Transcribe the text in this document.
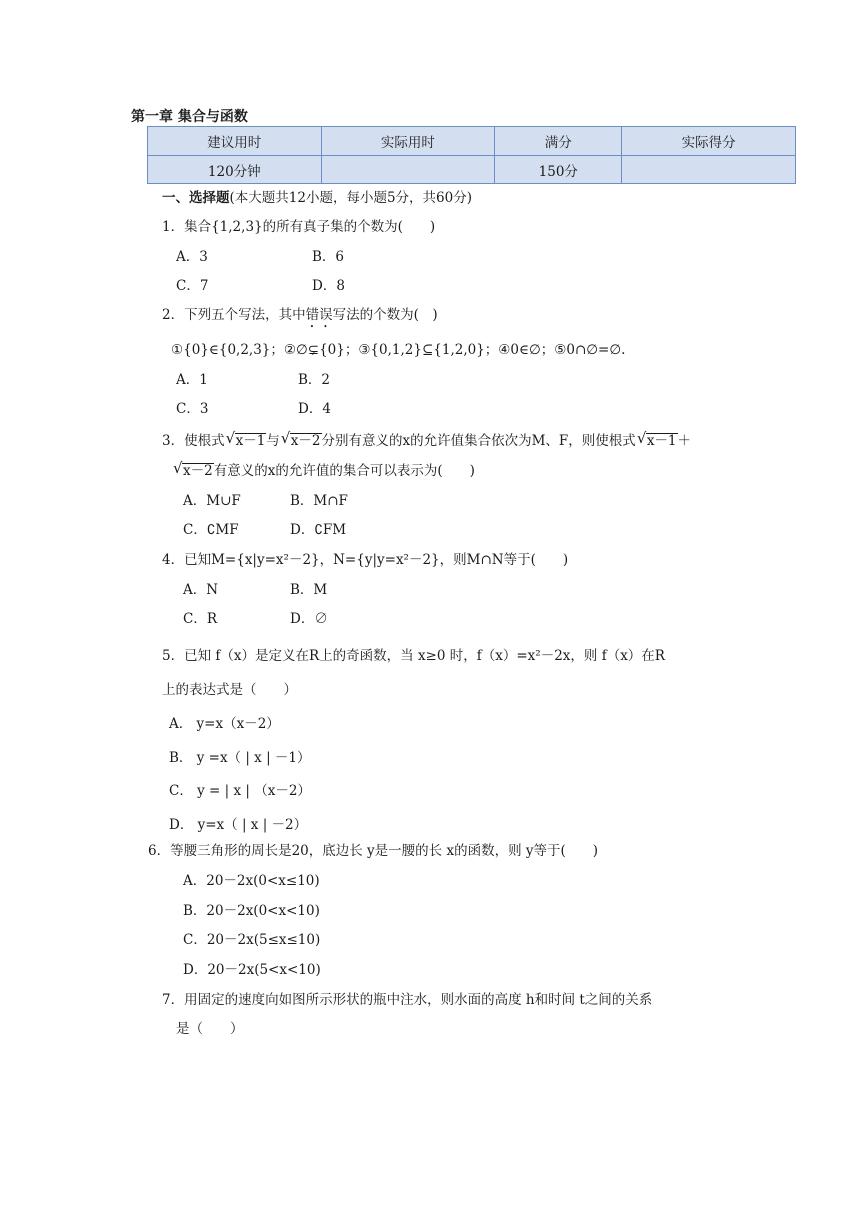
第一章 集合与函数
建议用时	实际用时	满分	实际得分
120分钟		150分	
一、选择题(本大题共12小题，每小题5分，共60分)
1．集合{1,2,3}的所有真子集的个数为(　　)
A．3	B．6
C．7	D．8
2．下列五个写法，其中错误写法的个数为(　)
①{0}∈{0,2,3}；②∅⊊{0}；③{0,1,2}⊆{1,2,0}；④0∈∅；⑤0∩∅=∅.
A．1	B．2
C．3	D．4
3．使根式 √ x－1与 √ x－2分别有意义的x的允许值集合依次为M、F，则使根式 √ x－1＋
√ x－2有意义的x的允许值的集合可以表示为(　　)
A．M∪F	B．M∩F
C．∁MF	D．∁FM
4．已知M={x|y=x²－2}，N={y|y=x²－2}，则M∩N等于(　　)
A．N	B．M
C．R	D．∅
5．已知 f（x）是定义在R上的奇函数，当 x≥0 时，f（x）=x²－2x，则 f（x）在R
上的表达式是（　　）
A． y=x（x－2）
B． y =x（ | x | －1）
C． y = | x | （x－2）
D． y=x（ | x | －2）
6．等腰三角形的周长是20，底边长 y是一腰的长 x的函数，则 y等于(　　)
A．20－2x(0<x≤10)
B．20－2x(0<x<10)
C．20－2x(5≤x≤10)
D．20－2x(5<x<10)
7．用固定的速度向如图所示形状的瓶中注水，则水面的高度 h和时间 t之间的关系
是（　　）
